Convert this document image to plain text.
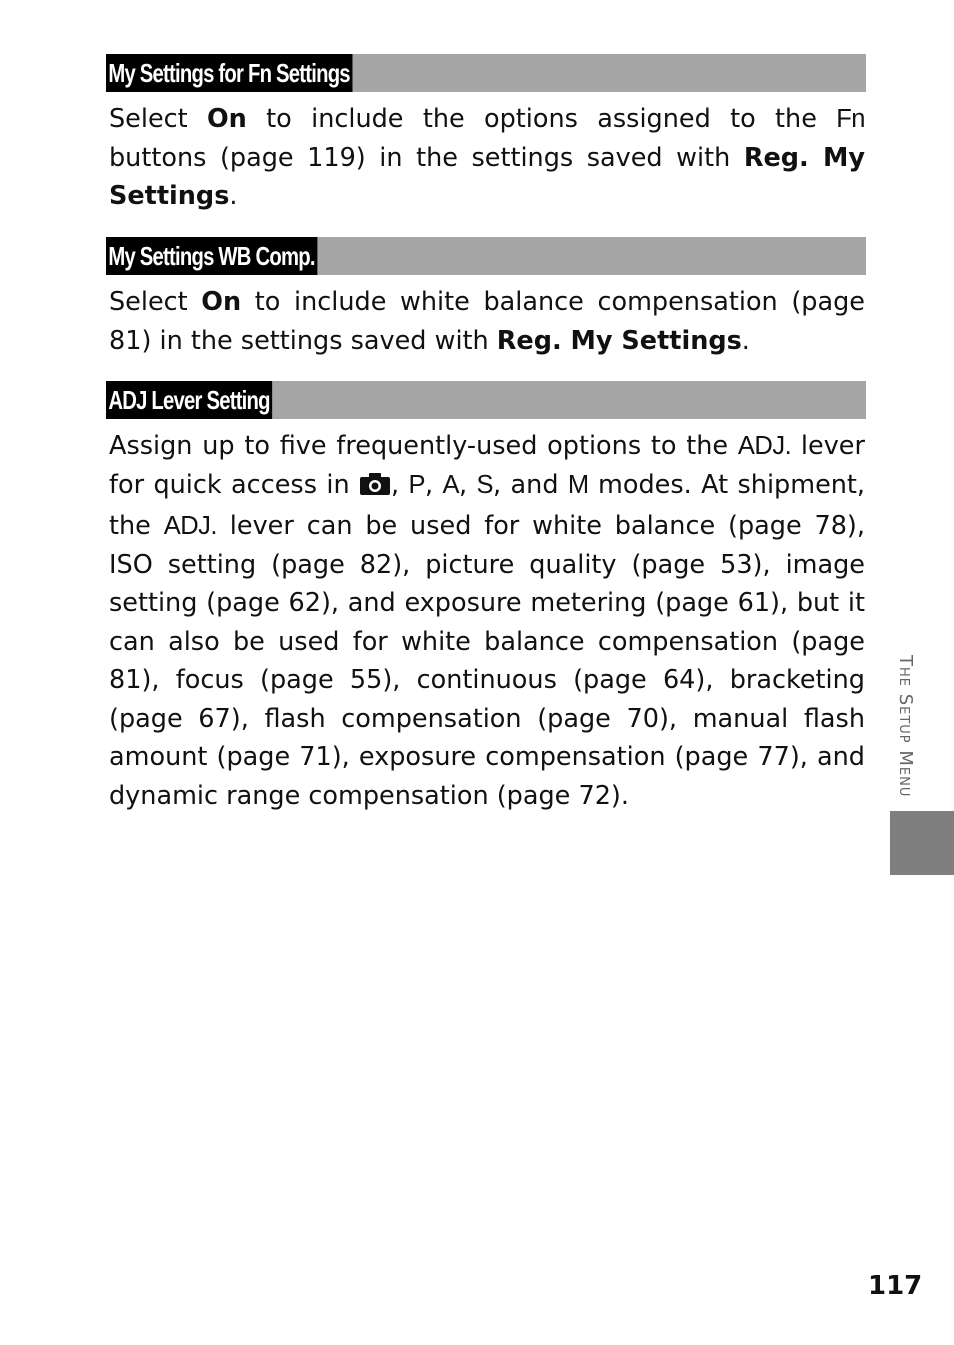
My Settings for Fn Settings

Select On to include the options assigned to the Fn buttons (page 119) in the settings saved with Reg. My Settings.

My Settings WB Comp.

Select On to include white balance compensation (page 81) in the settings saved with Reg. My Settings.

ADJ Lever Setting

Assign up to five frequently-used options to the ADJ. lever for quick access in , P, A, S, and M modes. At shipment, the ADJ. lever can be used for white balance (page 78), ISO setting (page 82), picture quality (page 53), image setting (page 62), and exposure metering (page 61), but it can also be used for white balance compensation (page 81), focus (page 55), continuous (page 64), bracketing (page 67), flash compensation (page 70), manual flash amount (page 71), exposure compensation (page 77), and dynamic range compensation (page 72).	The Setup Menu
117
